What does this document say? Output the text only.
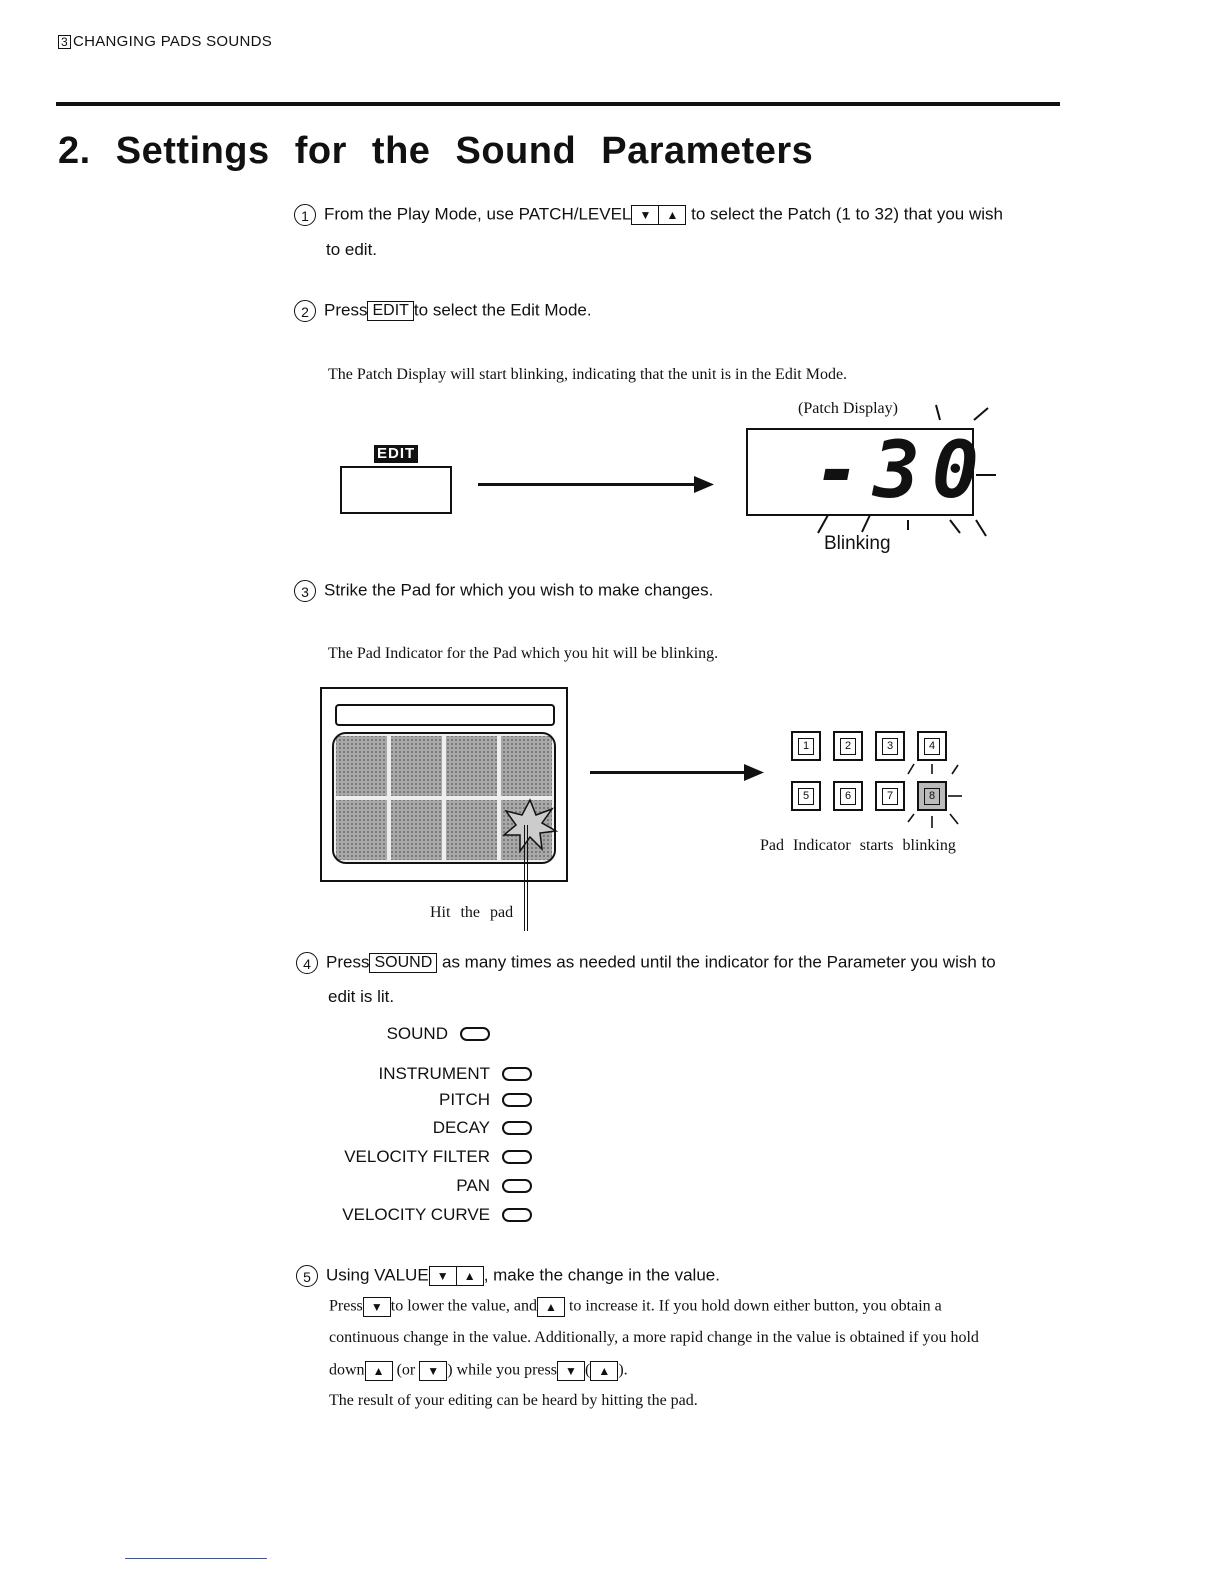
3 CHANGING PADS SOUNDS
2. Settings for the Sound Parameters
1 From the Play Mode, use PATCH/LEVEL ▼ ▲ to select the Patch (1 to 32) that you wish
to edit.
2 Press EDIT to select the Edit Mode.
The Patch Display will start blinking, indicating that the unit is in the Edit Mode.
EDIT
(Patch Display)
-30
Blinking
3 Strike the Pad for which you wish to make changes.
The Pad Indicator for the Pad which you hit will be blinking.
Hit the pad
1	2	3	4
5	6	7	8
Pad Indicator starts blinking
4 Press SOUND as many times as needed until the indicator for the Parameter you wish to
edit is lit.
SOUND
INSTRUMENT
PITCH
DECAY
VELOCITY FILTER
PAN
VELOCITY CURVE
5 Using VALUE ▼ ▲ , make the change in the value.
Press ▼ to lower the value, and ▲ to increase it. If you hold down either button, you obtain a
continuous change in the value. Additionally, a more rapid change in the value is obtained if you hold
down ▲ (or ▼ ) while you press ▼ ( ▲ ).
The result of your editing can be heard by hitting the pad.
